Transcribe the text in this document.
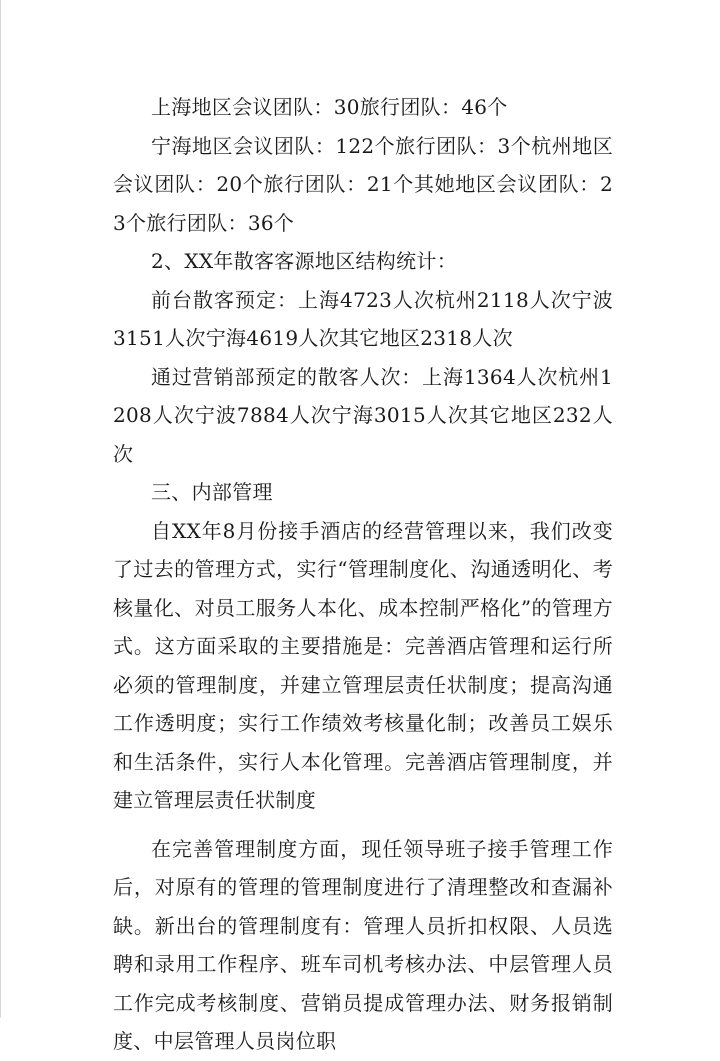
上海地区会议团队：30旅行团队：46个

宁海地区会议团队：122个旅行团队：3个杭州地区会议团队：20个旅行团队：21个其她地区会议团队：23个旅行团队：36个

2、XX年散客客源地区结构统计：

前台散客预定：上海4723人次杭州2118人次宁波3151人次宁海4619人次其它地区2318人次

通过营销部预定的散客人次：上海1364人次杭州1208人次宁波7884人次宁海3015人次其它地区232人次

三、内部管理

自XX年8月份接手酒店的经营管理以来，我们改变了过去的管理方式，实行“管理制度化、沟通透明化、考核量化、对员工服务人本化、成本控制严格化”的管理方式。这方面采取的主要措施是：完善酒店管理和运行所必须的管理制度，并建立管理层责任状制度；提高沟通工作透明度；实行工作绩效考核量化制；改善员工娱乐和生活条件，实行人本化管理。完善酒店管理制度，并建立管理层责任状制度

在完善管理制度方面，现任领导班子接手管理工作后，对原有的管理的管理制度进行了清理整改和查漏补缺。新出台的管理制度有：管理人员折扣权限、人员选聘和录用工作程序、班车司机考核办法、中层管理人员工作完成考核制度、营销员提成管理办法、财务报销制度、中层管理人员岗位职
